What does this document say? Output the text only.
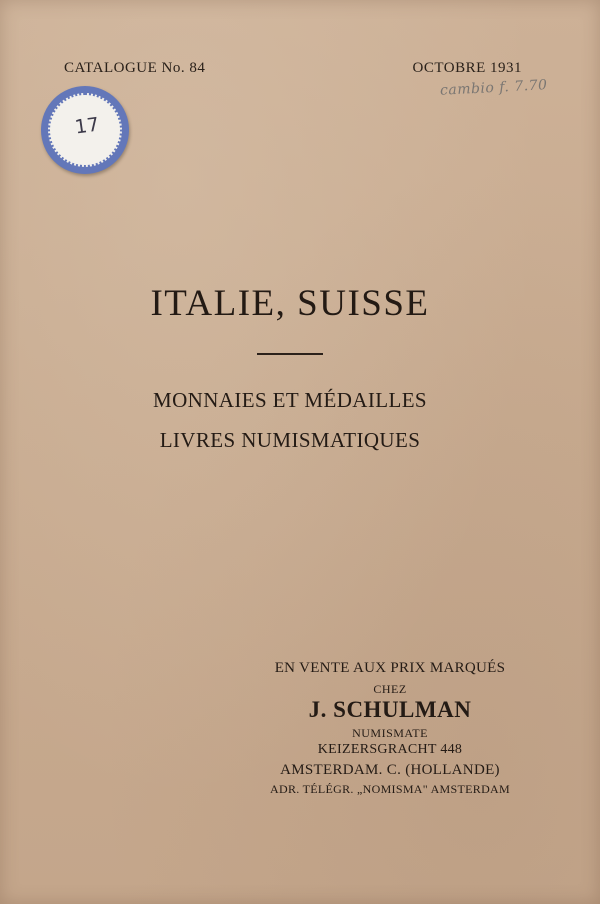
CATALOGUE No. 84	OCTOBRE 1931
cambio f. 7.70
17
ITALIE, SUISSE
MONNAIES ET MÉDAILLES
LIVRES NUMISMATIQUES
EN VENTE AUX PRIX MARQUÉS
CHEZ
J. SCHULMAN
NUMISMATE
KEIZERSGRACHT 448
AMSTERDAM. C. (HOLLANDE)
ADR. TÉLÉGR. „NOMISMA" AMSTERDAM
